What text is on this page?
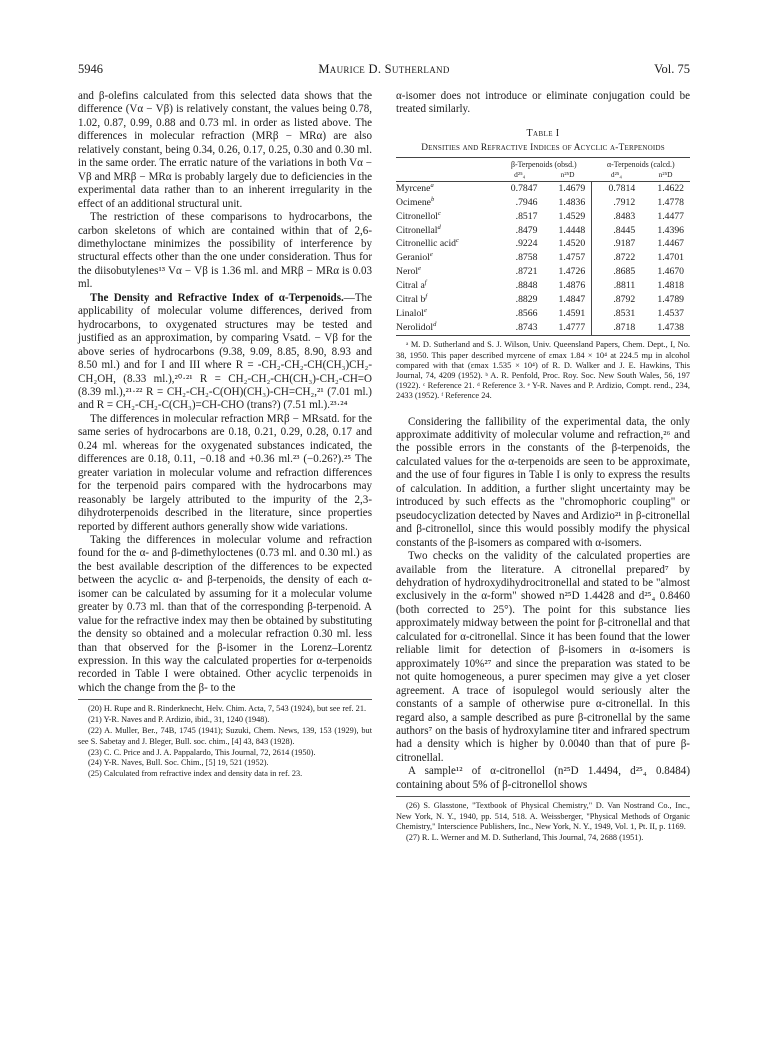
5946	Maurice D. Sutherland	Vol. 75

and β-olefins calculated from this selected data shows that the difference (Vα − Vβ) is relatively constant, the values being 0.78, 1.02, 0.87, 0.99, 0.88 and 0.73 ml. in order as listed above. The differences in molecular refraction (MRβ − MRα) are also relatively constant, being 0.34, 0.26, 0.17, 0.25, 0.30 and 0.30 ml. in the same order. The erratic nature of the variations in both Vα − Vβ and MRβ − MRα is probably largely due to deficiencies in the experimental data rather than to an inherent irregularity in the effect of an additional structural unit.

The restriction of these comparisons to hydrocarbons, the carbon skeletons of which are contained within that of 2,6-dimethyloctane minimizes the possibility of interference by structural effects other than the one under consideration. Thus for the diisobutylenes¹³ Vα − Vβ is 1.36 ml. and MRβ − MRα is 0.03 ml.

The Density and Refractive Index of α-Terpenoids.—The applicability of molecular volume differences, derived from hydrocarbons, to oxygenated structures may be tested and justified as an approximation, by comparing Vsatd. − Vβ for the above series of hydrocarbons (9.38, 9.09, 8.85, 8.90, 8.93 and 8.50 ml.) and for I and III where R = -CH₂-CH₂-CH(CH₃)CH₂-CH₂OH, (8.33 ml.),²⁰·²¹ R = CH₂-CH₂-CH(CH₃)-CH₂-CH=O (8.39 ml.),²¹·²² R = CH₂-CH₂-C(OH)(CH₃)-CH=CH₂,²¹ (7.01 ml.) and R = CH₂-CH₂-C(CH₃)=CH-CHO (trans?) (7.51 ml.).²³·²⁴

The differences in molecular refraction MRβ − MRsatd. for the same series of hydrocarbons are 0.18, 0.21, 0.29, 0.28, 0.17 and 0.24 ml. whereas for the oxygenated substances indicated, the differences are 0.18, 0.11, −0.18 and +0.36 ml.²³ (−0.26?).²⁵ The greater variation in molecular volume and refraction differences for the terpenoid pairs compared with the hydrocarbons may reasonably be largely attributed to the impurity of the 2,3-dihydroterpenoids described in the literature, since properties reported by different authors generally show wide variations.

Taking the differences in molecular volume and refraction found for the α- and β-dimethyloctenes (0.73 ml. and 0.30 ml.) as the best available description of the differences to be expected between the acyclic α- and β-terpenoids, the density of each α-isomer can be calculated by assuming for it a molecular volume greater by 0.73 ml. than that of the corresponding β-terpenoid. A value for the refractive index may then be obtained by substituting the density so obtained and a molecular refraction 0.30 ml. less than that observed for the β-isomer in the Lorenz–Lorentz expression. In this way the calculated properties for α-terpenoids recorded in Table I were obtained. Other acyclic terpenoids in which the change from the β- to the

(20) H. Rupe and R. Rinderknecht, Helv. Chim. Acta, 7, 543 (1924), but see ref. 21.
(21) Y-R. Naves and P. Ardizio, ibid., 31, 1240 (1948).
(22) A. Muller, Ber., 74B, 1745 (1941); Suzuki, Chem. News, 139, 153 (1929), but see S. Sabetay and J. Bleger, Bull. soc. chim., [4] 43, 843 (1928).
(23) C. C. Price and J. A. Pappalardo, This Journal, 72, 2614 (1950).
(24) Y-R. Naves, Bull. Soc. Chim., [5] 19, 521 (1952).
(25) Calculated from refractive index and density data in ref. 23.

α-isomer does not introduce or eliminate conjugation could be treated similarly.

Table I
Densities and Refractive Indices of Acyclic α-Terpenoids
	β-Terpenoids (obsd.)		α-Terpenoids (calcd.)	
	d²⁵₄	n²⁵D	d²⁵₄	n²⁵D
Myrcene$^a$	0.7847	1.4679	0.7814	1.4622
Ocimene$^b$	.7946	1.4836	.7912	1.4778
Citronellol$^c$	.8517	1.4529	.8483	1.4477
Citronellal$^d$	.8479	1.4448	.8445	1.4396
Citronellic acid$^c$	.9224	1.4520	.9187	1.4467
Geraniol$^e$	.8758	1.4757	.8722	1.4701
Nerol$^e$	.8721	1.4726	.8685	1.4670
Citral a$^f$	.8848	1.4876	.8811	1.4818
Citral b$^f$	.8829	1.4847	.8792	1.4789
Linalol$^e$	.8566	1.4591	.8531	1.4537
Nerolidol$^d$	.8743	1.4777	.8718	1.4738
ᵃ M. D. Sutherland and S. J. Wilson, Univ. Queensland Papers, Chem. Dept., I, No. 38, 1950. This paper described myrcene of εmax 1.84 × 10⁴ at 224.5 mμ in alcohol compared with that (εmax 1.535 × 10⁴) of R. D. Walker and J. E. Hawkins, This Journal, 74, 4209 (1952). ᵇ A. R. Penfold, Proc. Roy. Soc. New South Wales, 56, 197 (1922). ᶜ Reference 21. ᵈ Reference 3. ᵉ Y-R. Naves and P. Ardizio, Compt. rend., 234, 2433 (1952). ᶠ Reference 24.

Considering the fallibility of the experimental data, the only approximate additivity of molecular volume and refraction,²⁶ and the possible errors in the constants of the β-terpenoids, the calculated values for the α-terpenoids are seen to be approximate, and the use of four figures in Table I is only to express the results of calculation. In addition, a further slight uncertainty may be introduced by such effects as the "chromophoric coupling" or pseudocyclization detected by Naves and Ardizio²¹ in β-citronellal and β-citronellol, since this would possibly modify the physical constants of the β-isomers as compared with α-isomers.

Two checks on the validity of the calculated properties are available from the literature. A citronellal prepared⁷ by dehydration of hydroxydihydrocitronellal and stated to be "almost exclusively in the α-form" showed n²⁵D 1.4428 and d²⁵₄ 0.8460 (both corrected to 25°). The point for this substance lies approximately midway between the point for β-citronellal and that calculated for α-citronellal. Since it has been found that the lower reliable limit for detection of β-isomers in α-isomers is approximately 10%²⁷ and since the preparation was stated to be not quite homogeneous, a purer specimen may give a yet closer agreement. A trace of isopulegol would seriously alter the constants of a sample of otherwise pure α-citronellal. In this regard also, a sample described as pure β-citronellal by the same authors⁷ on the basis of hydroxylamine titer and infrared spectrum had a density which is higher by 0.0040 than that of pure β-citronellal.

A sample¹² of α-citronellol (n²⁵D 1.4494, d²⁵₄ 0.8484) containing about 5% of β-citronellol shows

(26) S. Glasstone, "Textbook of Physical Chemistry," D. Van Nostrand Co., Inc., New York, N. Y., 1940, pp. 514, 518. A. Weissberger, "Physical Methods of Organic Chemistry," Interscience Publishers, Inc., New York, N. Y., 1949, Vol. 1, Pt. II, p. 1169.
(27) R. L. Werner and M. D. Sutherland, This Journal, 74, 2688 (1951).
